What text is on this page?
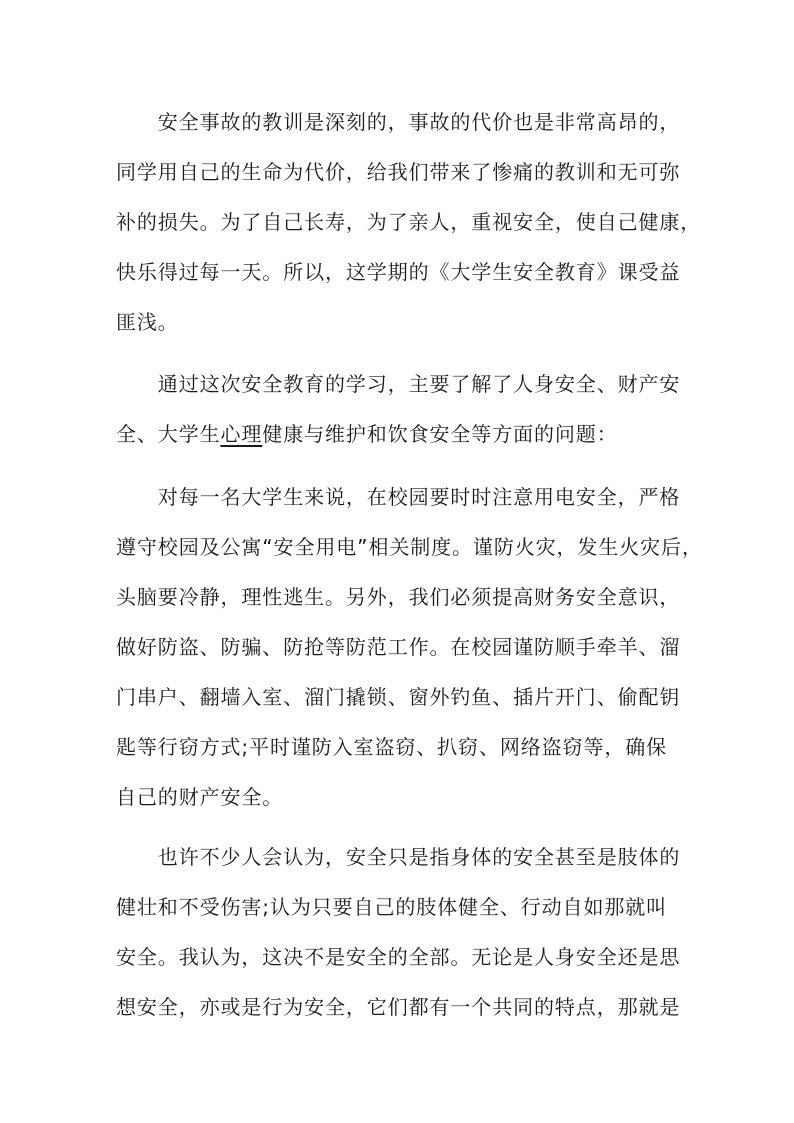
　　安全事故的教训是深刻的，事故的代价也是非常高昂的，
同学用自己的生命为代价，给我们带来了惨痛的教训和无可弥
补的损失。为了自己长寿，为了亲人，重视安全，使自己健康，
快乐得过每一天。所以，这学期的《大学生安全教育》课受益
匪浅。
　　通过这次安全教育的学习，主要了解了人身安全、财产安
全、大学生心理健康与维护和饮食安全等方面的问题：
　　对每一名大学生来说，在校园要时时注意用电安全，严格
遵守校园及公寓“安全用电”相关制度。谨防火灾，发生火灾后，
头脑要冷静，理性逃生。另外，我们必须提高财务安全意识，
做好防盗、防骗、防抢等防范工作。在校园谨防顺手牵羊、溜
门串户、翻墙入室、溜门撬锁、窗外钓鱼、插片开门、偷配钥
匙等行窃方式;平时谨防入室盗窃、扒窃、网络盗窃等，确保
自己的财产安全。
　　也许不少人会认为，安全只是指身体的安全甚至是肢体的
健壮和不受伤害;认为只要自己的肢体健全、行动自如那就叫
安全。我认为，这决不是安全的全部。无论是人身安全还是思
想安全，亦或是行为安全，它们都有一个共同的特点，那就是
